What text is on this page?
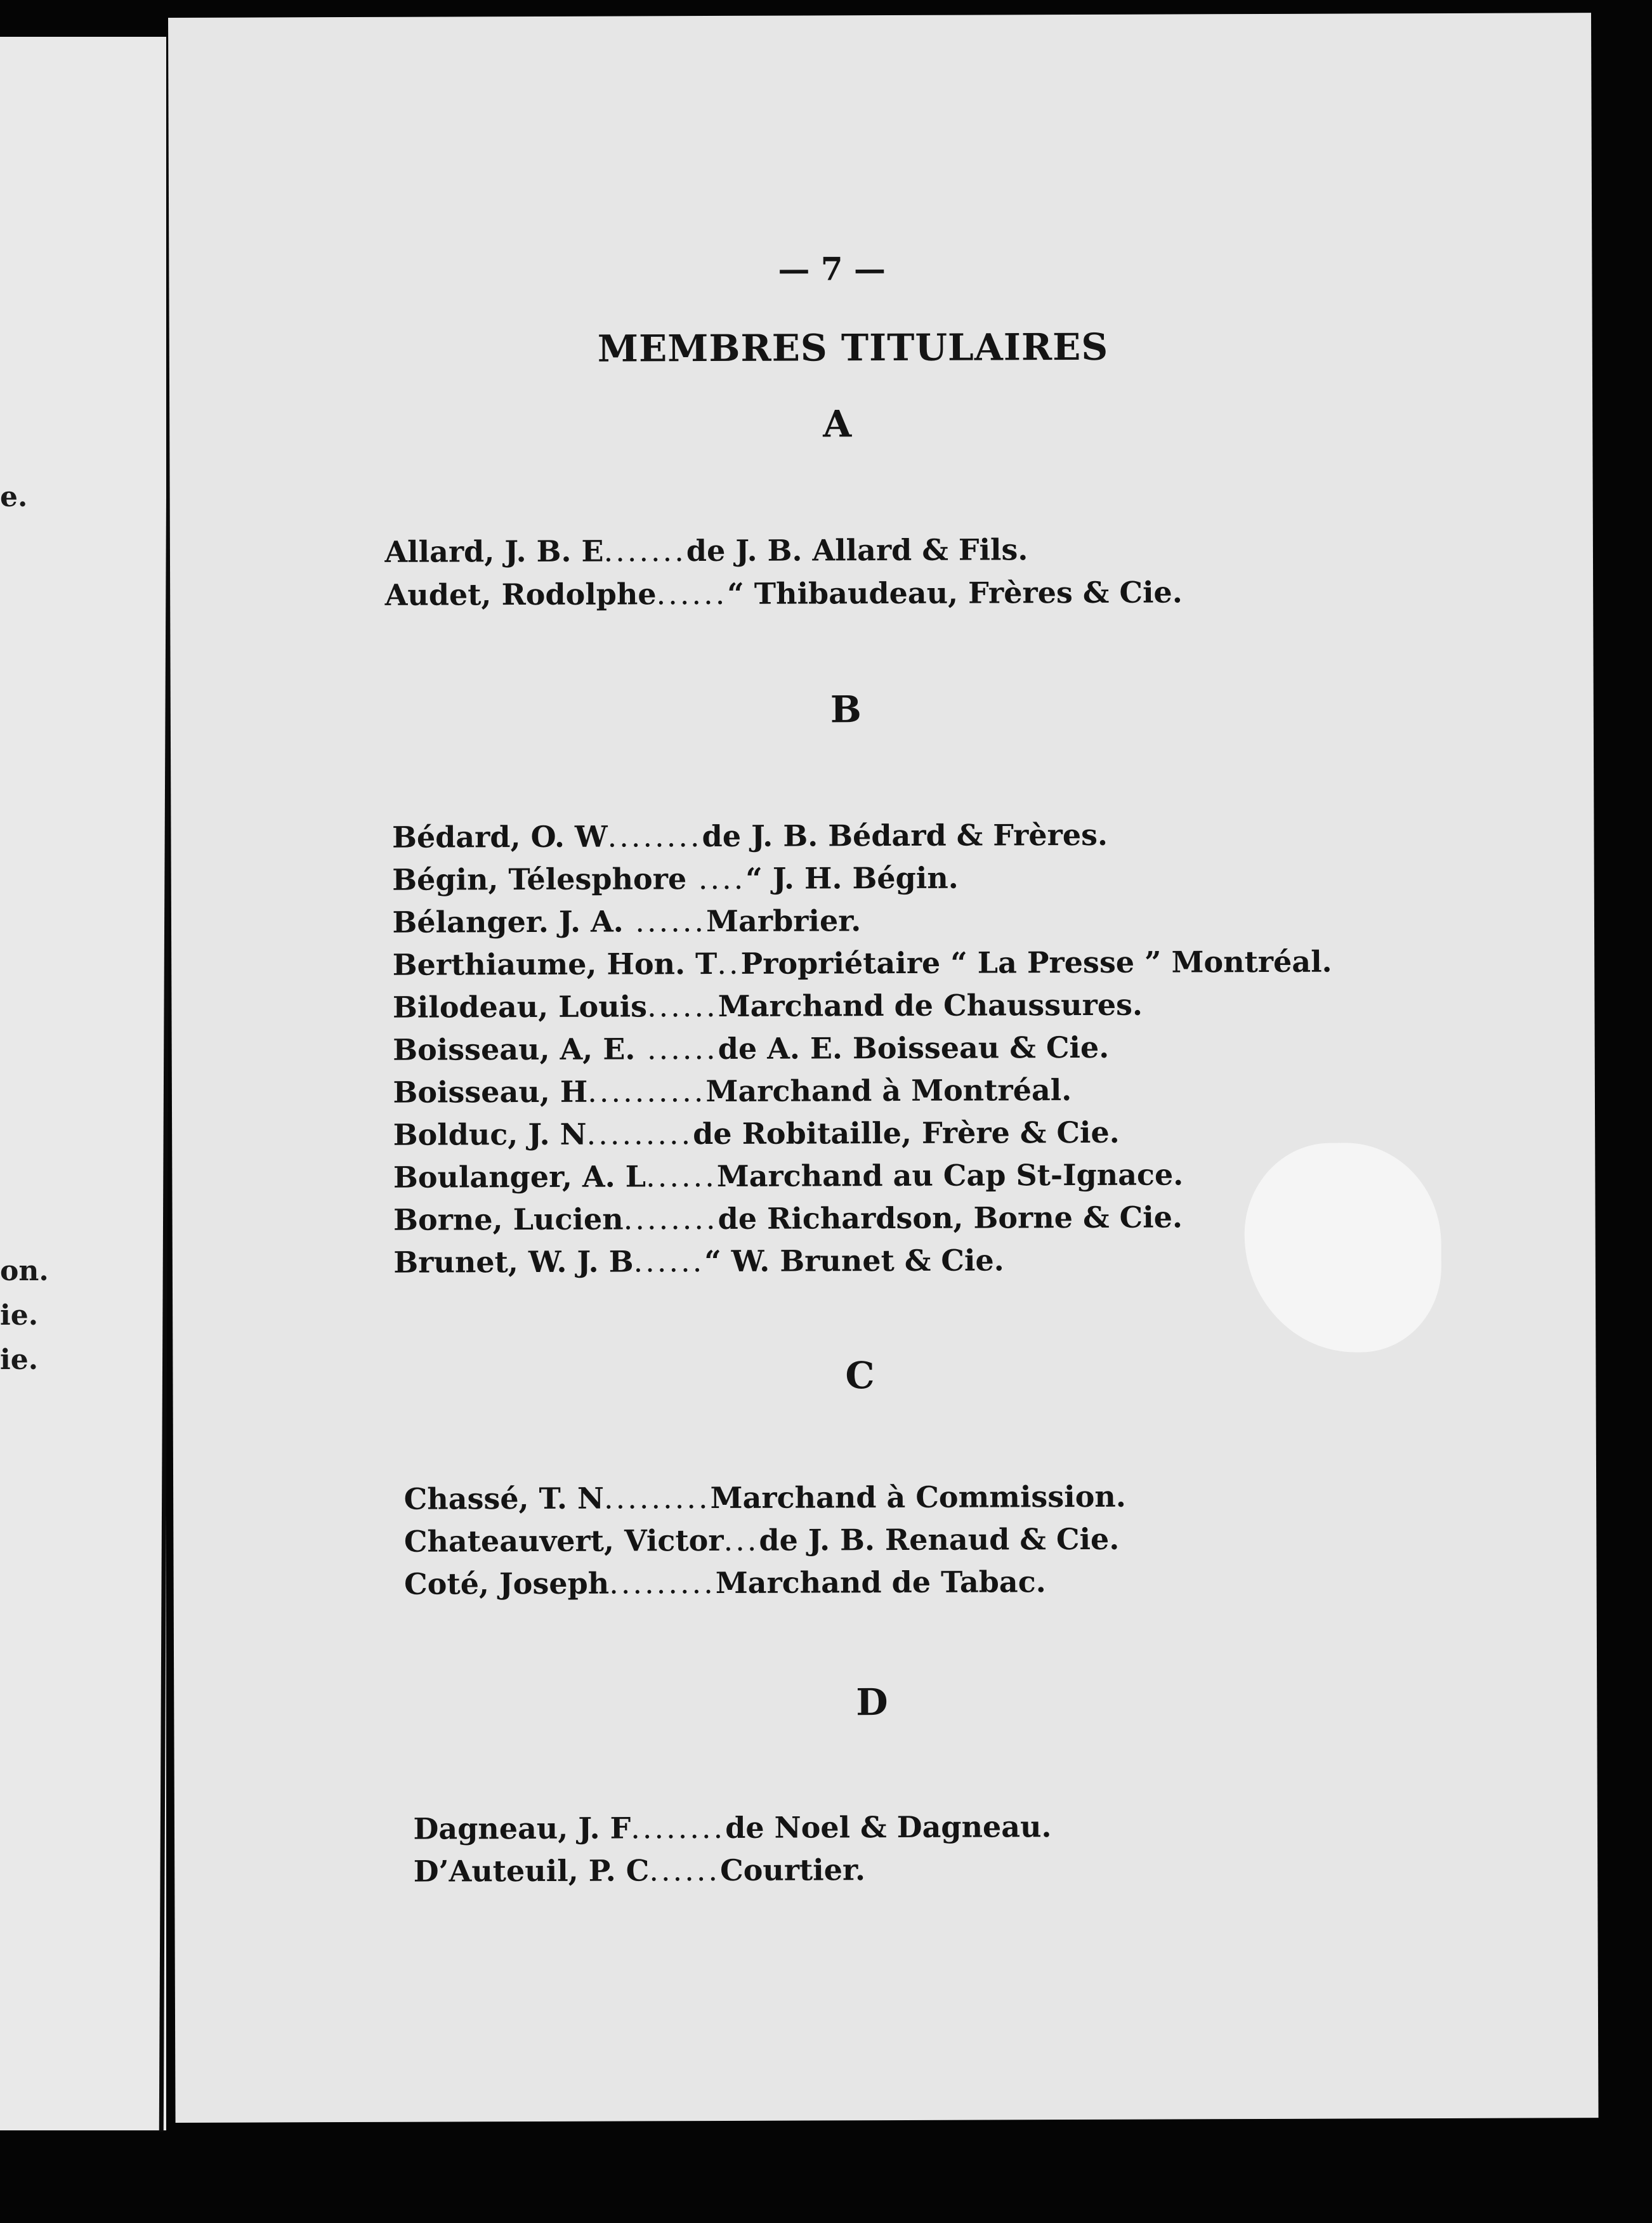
e.
on.
ie.
ie.
— 7 —
MEMBRES TITULAIRES
A

Allard, J. B. E.......de J. B. Allard & Fils.

Audet, Rodolphe......“ Thibaudeau, Frères & Cie.

B

Bédard, O. W........de J. B. Bédard & Frères.

Bégin, Télesphore ....“ J. H. Bégin.

Bélanger. J. A. ......Marbrier.

Berthiaume, Hon. T..Propriétaire “ La Presse ” Montréal.

Bilodeau, Louis......Marchand de Chaussures.

Boisseau, A, E. ......de A. E. Boisseau & Cie.

Boisseau, H..........Marchand à Montréal.

Bolduc, J. N.........de Robitaille, Frère & Cie.

Boulanger, A. L......Marchand au Cap St-Ignace.

Borne, Lucien........de Richardson, Borne & Cie.

Brunet, W. J. B......“ W. Brunet & Cie.

C

Chassé, T. N.........Marchand à Commission.

Chateauvert, Victor...de J. B. Renaud & Cie.

Coté, Joseph.........Marchand de Tabac.

D

Dagneau, J. F........de Noel & Dagneau.

D’Auteuil, P. C......Courtier.
